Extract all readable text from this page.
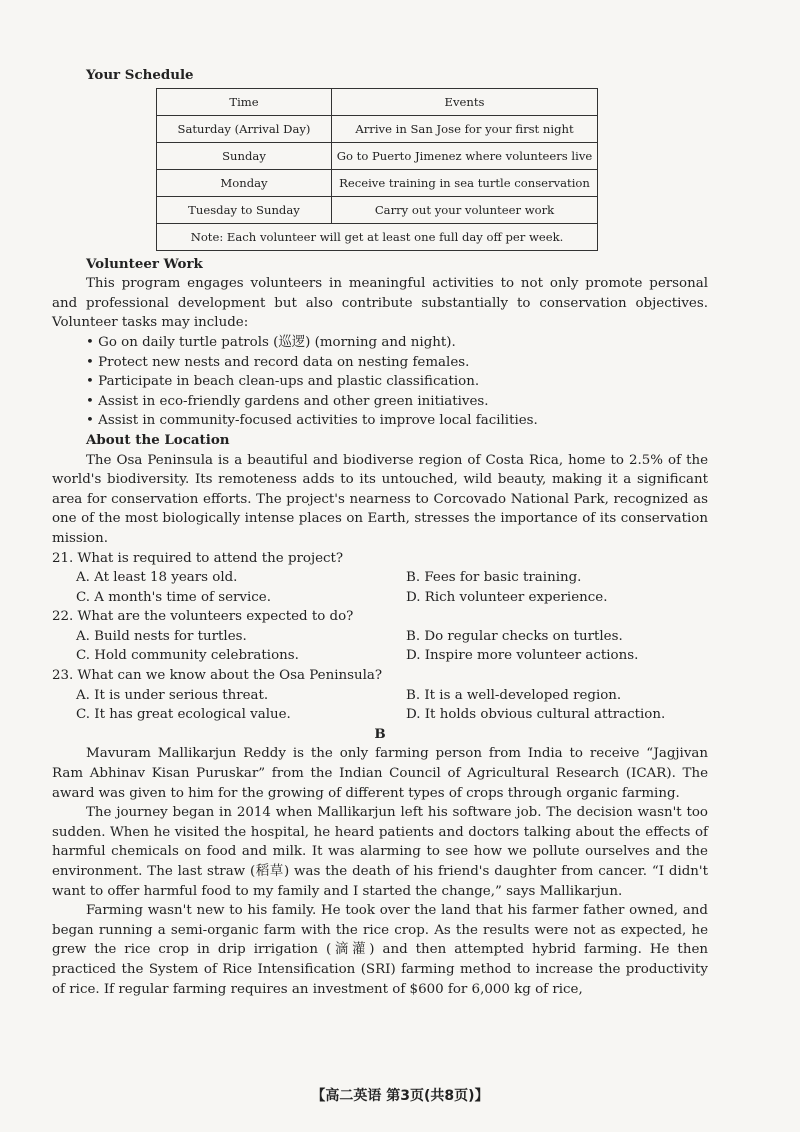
Your Schedule
Time	Events
Saturday (Arrival Day)	Arrive in San Jose for your first night
Sunday	Go to Puerto Jimenez where volunteers live
Monday	Receive training in sea turtle conservation
Tuesday to Sunday	Carry out your volunteer work
Note: Each volunteer will get at least one full day off per week.	
Volunteer Work

This program engages volunteers in meaningful activities to not only promote personal and professional development but also contribute substantially to conservation objectives. Volunteer tasks may include:

• Go on daily turtle patrols (巡逻) (morning and night).
• Protect new nests and record data on nesting females.
• Participate in beach clean-ups and plastic classification.
• Assist in eco-friendly gardens and other green initiatives.
• Assist in community-focused activities to improve local facilities.
About the Location

The Osa Peninsula is a beautiful and biodiverse region of Costa Rica, home to 2.5% of the world's biodiversity. Its remoteness adds to its untouched, wild beauty, making it a significant area for conservation efforts. The project's nearness to Corcovado National Park, recognized as one of the most biologically intense places on Earth, stresses the importance of its conservation mission.

21. What is required to attend the project?

A. At least 18 years old.	B. Fees for basic training.
C. A month's time of service.	D. Rich volunteer experience.

22. What are the volunteers expected to do?

A. Build nests for turtles.	B. Do regular checks on turtles.
C. Hold community celebrations.	D. Inspire more volunteer actions.

23. What can we know about the Osa Peninsula?

A. It is under serious threat.	B. It is a well-developed region.
C. It has great ecological value.	D. It holds obvious cultural attraction.
B

Mavuram Mallikarjun Reddy is the only farming person from India to receive “Jagjivan Ram Abhinav Kisan Puruskar” from the Indian Council of Agricultural Research (ICAR). The award was given to him for the growing of different types of crops through organic farming.

The journey began in 2014 when Mallikarjun left his software job. The decision wasn't too sudden. When he visited the hospital, he heard patients and doctors talking about the effects of harmful chemicals on food and milk. It was alarming to see how we pollute ourselves and the environment. The last straw (稻草) was the death of his friend's daughter from cancer. “I didn't want to offer harmful food to my family and I started the change,” says Mallikarjun.

Farming wasn't new to his family. He took over the land that his farmer father owned, and began running a semi-organic farm with the rice crop. As the results were not as expected, he grew the rice crop in drip irrigation (滴灌) and then attempted hybrid farming. He then practiced the System of Rice Intensification (SRI) farming method to increase the productivity of rice. If regular farming requires an investment of $600 for 6,000 kg of rice,

【高二英语 第3页(共8页)】
